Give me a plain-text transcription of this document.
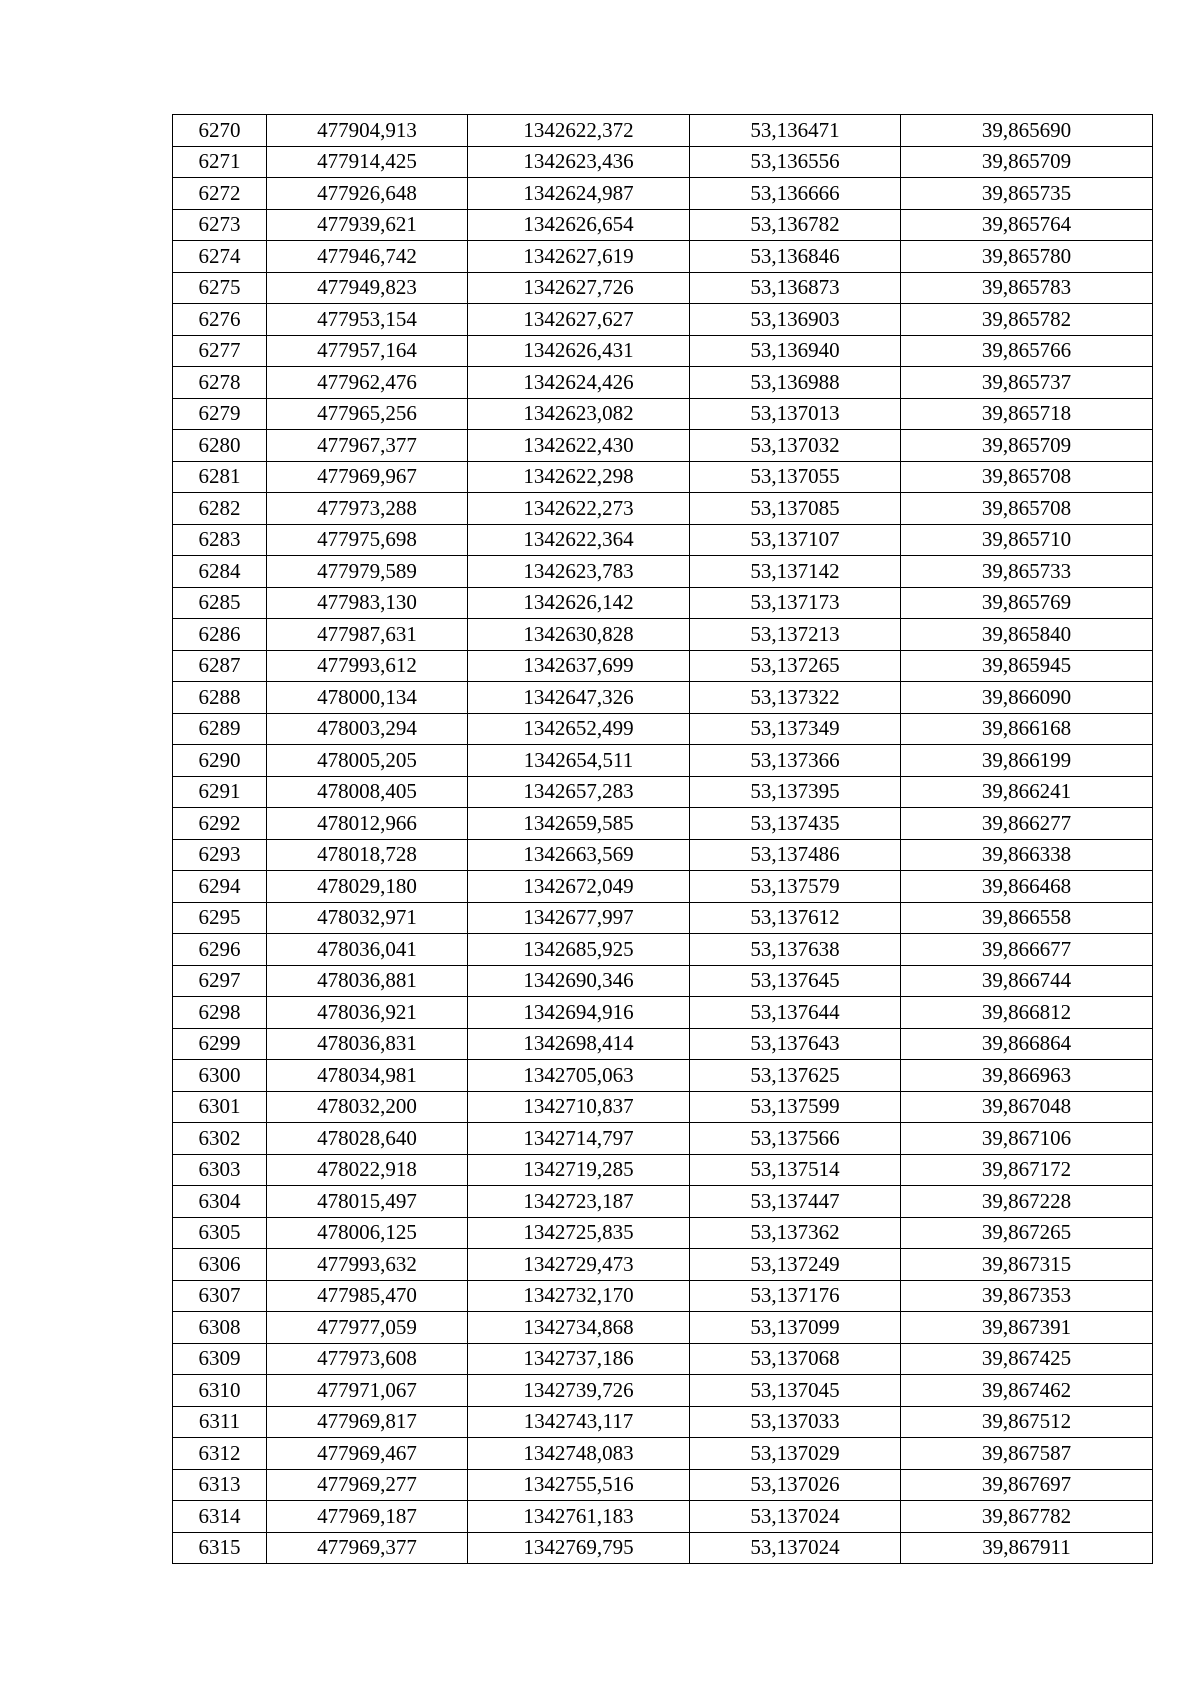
6270	477904,913	1342622,372	53,136471	39,865690
6271	477914,425	1342623,436	53,136556	39,865709
6272	477926,648	1342624,987	53,136666	39,865735
6273	477939,621	1342626,654	53,136782	39,865764
6274	477946,742	1342627,619	53,136846	39,865780
6275	477949,823	1342627,726	53,136873	39,865783
6276	477953,154	1342627,627	53,136903	39,865782
6277	477957,164	1342626,431	53,136940	39,865766
6278	477962,476	1342624,426	53,136988	39,865737
6279	477965,256	1342623,082	53,137013	39,865718
6280	477967,377	1342622,430	53,137032	39,865709
6281	477969,967	1342622,298	53,137055	39,865708
6282	477973,288	1342622,273	53,137085	39,865708
6283	477975,698	1342622,364	53,137107	39,865710
6284	477979,589	1342623,783	53,137142	39,865733
6285	477983,130	1342626,142	53,137173	39,865769
6286	477987,631	1342630,828	53,137213	39,865840
6287	477993,612	1342637,699	53,137265	39,865945
6288	478000,134	1342647,326	53,137322	39,866090
6289	478003,294	1342652,499	53,137349	39,866168
6290	478005,205	1342654,511	53,137366	39,866199
6291	478008,405	1342657,283	53,137395	39,866241
6292	478012,966	1342659,585	53,137435	39,866277
6293	478018,728	1342663,569	53,137486	39,866338
6294	478029,180	1342672,049	53,137579	39,866468
6295	478032,971	1342677,997	53,137612	39,866558
6296	478036,041	1342685,925	53,137638	39,866677
6297	478036,881	1342690,346	53,137645	39,866744
6298	478036,921	1342694,916	53,137644	39,866812
6299	478036,831	1342698,414	53,137643	39,866864
6300	478034,981	1342705,063	53,137625	39,866963
6301	478032,200	1342710,837	53,137599	39,867048
6302	478028,640	1342714,797	53,137566	39,867106
6303	478022,918	1342719,285	53,137514	39,867172
6304	478015,497	1342723,187	53,137447	39,867228
6305	478006,125	1342725,835	53,137362	39,867265
6306	477993,632	1342729,473	53,137249	39,867315
6307	477985,470	1342732,170	53,137176	39,867353
6308	477977,059	1342734,868	53,137099	39,867391
6309	477973,608	1342737,186	53,137068	39,867425
6310	477971,067	1342739,726	53,137045	39,867462
6311	477969,817	1342743,117	53,137033	39,867512
6312	477969,467	1342748,083	53,137029	39,867587
6313	477969,277	1342755,516	53,137026	39,867697
6314	477969,187	1342761,183	53,137024	39,867782
6315	477969,377	1342769,795	53,137024	39,867911
